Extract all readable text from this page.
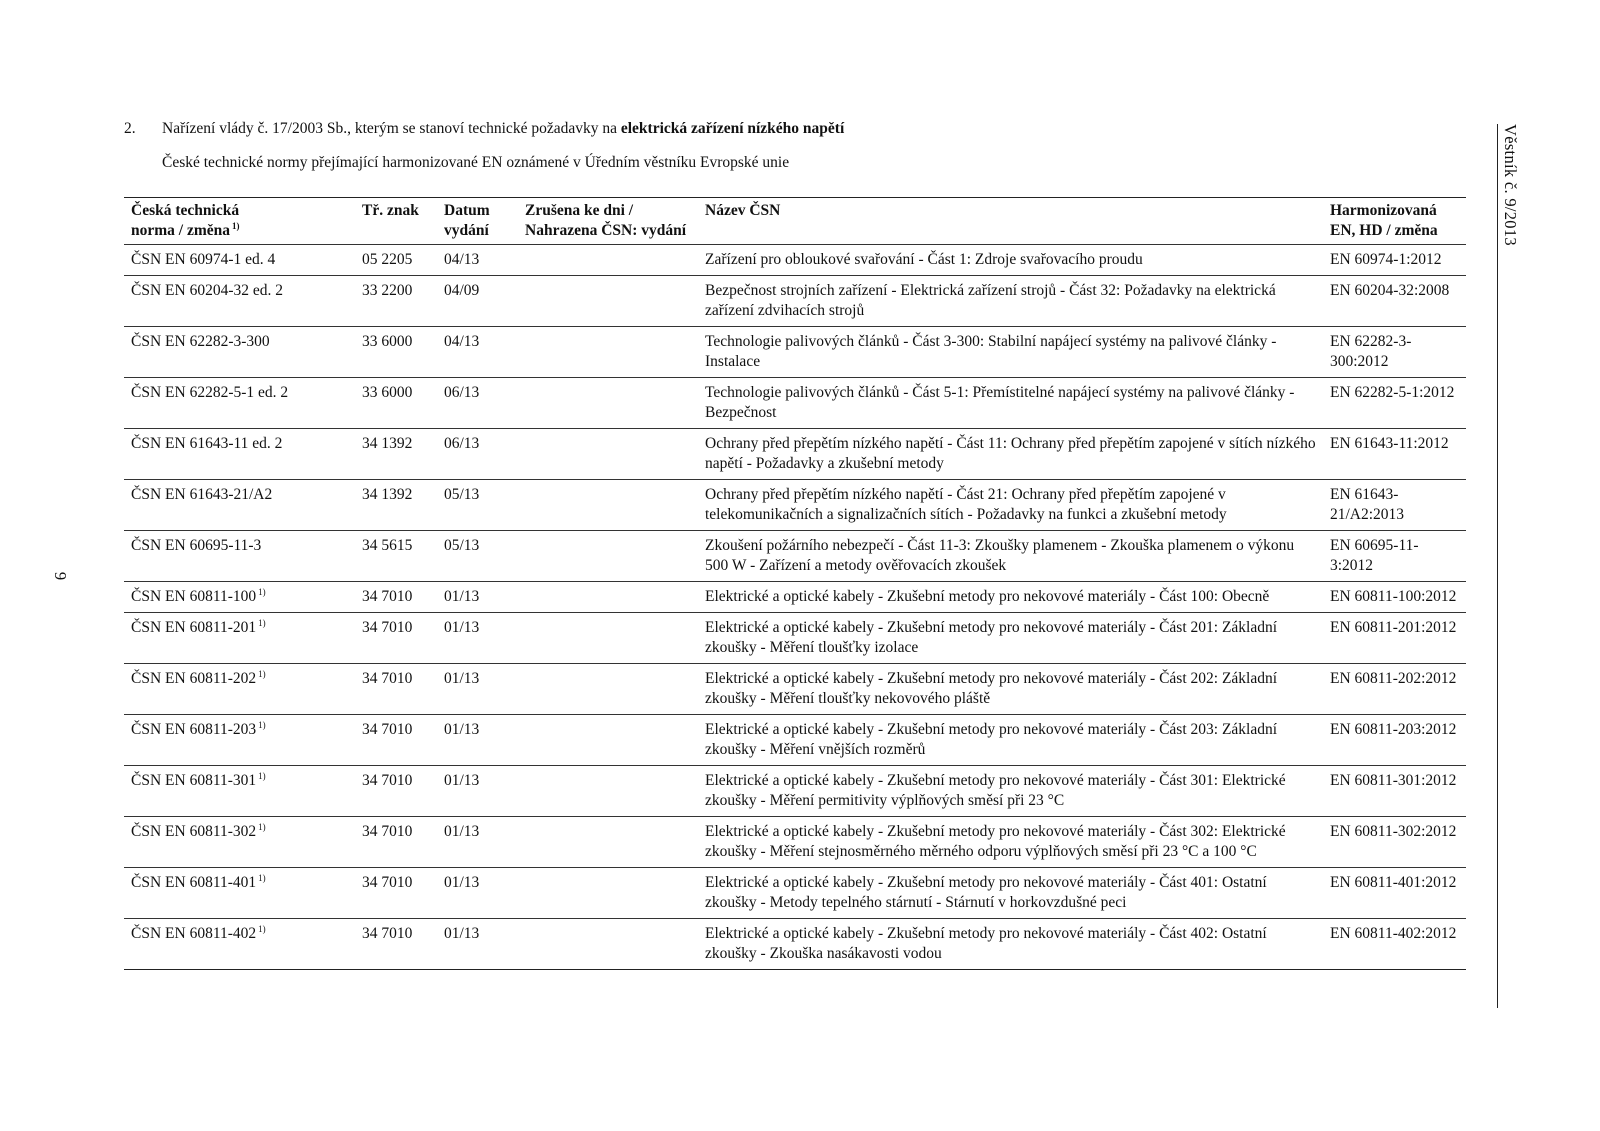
2. Nařízení vlády č. 17/2003 Sb., kterým se stanoví technické požadavky na elektrická zařízení nízkého napětí
České technické normy přejímající harmonizované EN oznámené v Úředním věstníku Evropské unie
Česká technická
norma / změna $^{1)}$	Tř. znak	Datum vydání	Zrušena ke dni / Nahrazena ČSN: vydání	Název ČSN	Harmonizovaná EN, HD / změna
ČSN EN 60974-1 ed. 4	05 2205	04/13		Zařízení pro obloukové svařování - Část 1: Zdroje svařovacího proudu	EN 60974-1:2012
ČSN EN 60204-32 ed. 2	33 2200	04/09		Bezpečnost strojních zařízení - Elektrická zařízení strojů - Část 32: Požadavky na elektrická zařízení zdvihacích strojů	EN 60204-32:2008
ČSN EN 62282-3-300	33 6000	04/13		Technologie palivových článků - Část 3-300: Stabilní napájecí systémy na palivové články - Instalace	EN 62282-3-300:2012
ČSN EN 62282-5-1 ed. 2	33 6000	06/13		Technologie palivových článků - Část 5-1: Přemístitelné napájecí systémy na palivové články - Bezpečnost	EN 62282-5-1:2012
ČSN EN 61643-11 ed. 2	34 1392	06/13		Ochrany před přepětím nízkého napětí - Část 11: Ochrany před přepětím zapojené v sítích nízkého napětí - Požadavky a zkušební metody	EN 61643-11:2012
ČSN EN 61643-21/A2	34 1392	05/13		Ochrany před přepětím nízkého napětí - Část 21: Ochrany před přepětím zapojené v telekomunikačních a signalizačních sítích - Požadavky na funkci a zkušební metody	EN 61643-21/A2:2013
ČSN EN 60695-11-3	34 5615	05/13		Zkoušení požárního nebezpečí - Část 11-3: Zkoušky plamenem - Zkouška plamenem o výkonu 500 W - Zařízení a metody ověřovacích zkoušek	EN 60695-11-3:2012
ČSN EN 60811-100 $^{1)}$	34 7010	01/13		Elektrické a optické kabely - Zkušební metody pro nekovové materiály - Část 100: Obecně	EN 60811-100:2012
ČSN EN 60811-201 $^{1)}$	34 7010	01/13		Elektrické a optické kabely - Zkušební metody pro nekovové materiály - Část 201: Základní zkoušky - Měření tloušťky izolace	EN 60811-201:2012
ČSN EN 60811-202 $^{1)}$	34 7010	01/13		Elektrické a optické kabely - Zkušební metody pro nekovové materiály - Část 202: Základní zkoušky - Měření tloušťky nekovového pláště	EN 60811-202:2012
ČSN EN 60811-203 $^{1)}$	34 7010	01/13		Elektrické a optické kabely - Zkušební metody pro nekovové materiály - Část 203: Základní zkoušky - Měření vnějších rozměrů	EN 60811-203:2012
ČSN EN 60811-301 $^{1)}$	34 7010	01/13		Elektrické a optické kabely - Zkušební metody pro nekovové materiály - Část 301: Elektrické zkoušky - Měření permitivity výplňových směsí při 23 °C	EN 60811-301:2012
ČSN EN 60811-302 $^{1)}$	34 7010	01/13		Elektrické a optické kabely - Zkušební metody pro nekovové materiály - Část 302: Elektrické zkoušky - Měření stejnosměrného měrného odporu výplňových směsí při 23 °C a 100 °C	EN 60811-302:2012
ČSN EN 60811-401 $^{1)}$	34 7010	01/13		Elektrické a optické kabely - Zkušební metody pro nekovové materiály - Část 401: Ostatní zkoušky - Metody tepelného stárnutí - Stárnutí v horkovzdušné peci	EN 60811-401:2012
ČSN EN 60811-402 $^{1)}$	34 7010	01/13		Elektrické a optické kabely - Zkušební metody pro nekovové materiály - Část 402: Ostatní zkoušky - Zkouška nasákavosti vodou	EN 60811-402:2012
Věstník č. 9/2013
9
